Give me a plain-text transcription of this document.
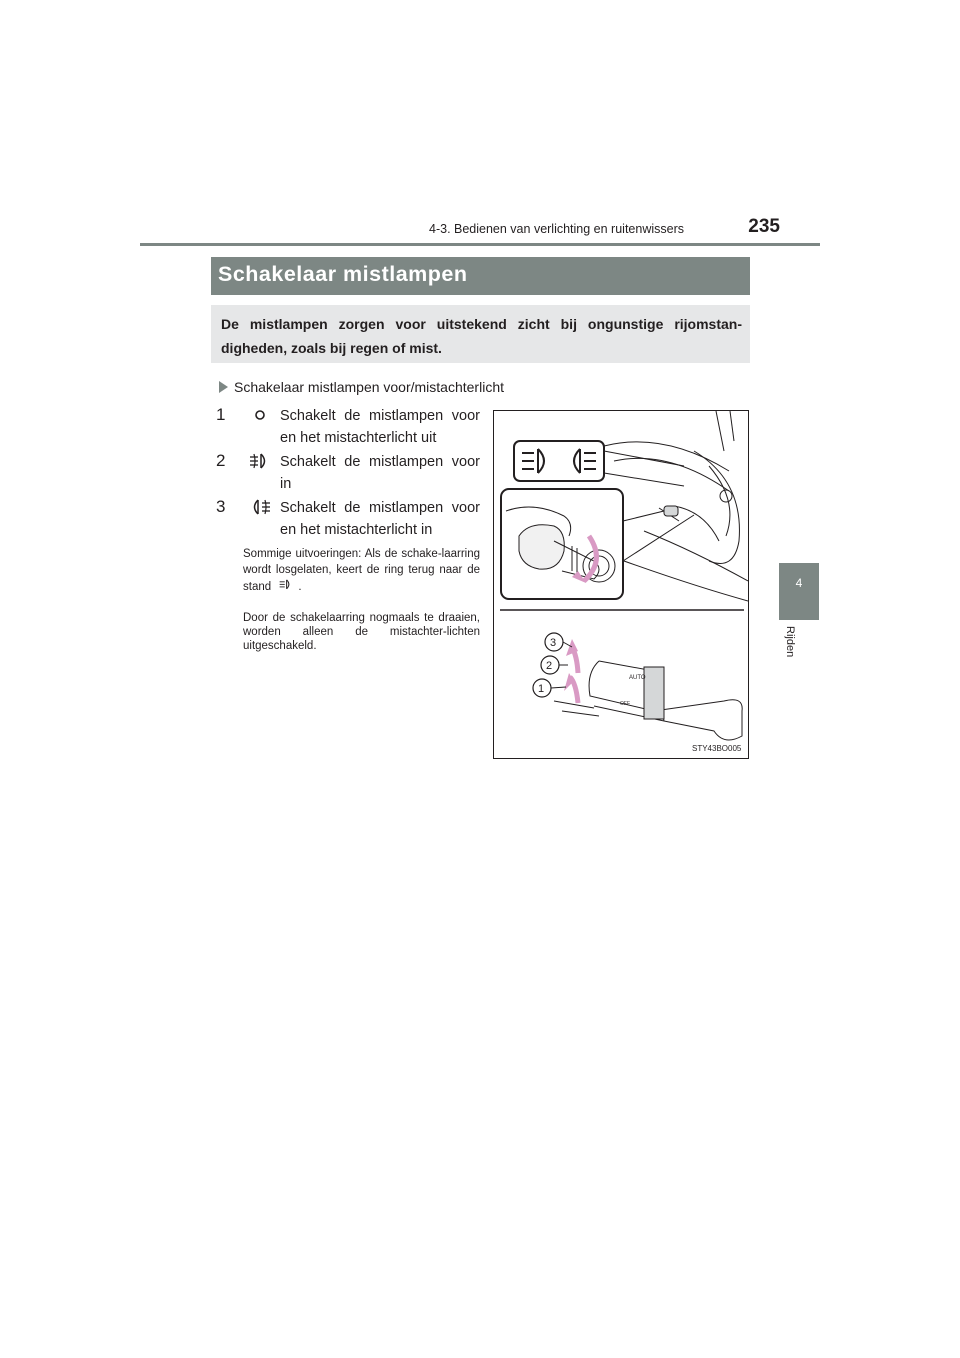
4-3. Bedienen van verlichting en ruitenwissers	235
4
Rijden
Schakelaar mistlampen
De mistlampen zorgen voor uitstekend zicht bij ongunstige rijomstan-digheden, zoals bij regen of mist.
Schakelaar mistlampen voor/mistachterlicht
1	Schakelt de mistlampen voor en het mistachterlicht uit
2	Schakelt de mistlampen voor in
3	Schakelt de mistlampen voor en het mistachterlicht in
Sommige uitvoeringen: Als de schake-laarring wordt losgelaten, keert de ring terug naar de stand .
Door de schakelaarring nogmaals te draaien, worden alleen de mistachter-lichten uitgeschakeld.
AUTO
OFF
1
2
3
STY43BO005
